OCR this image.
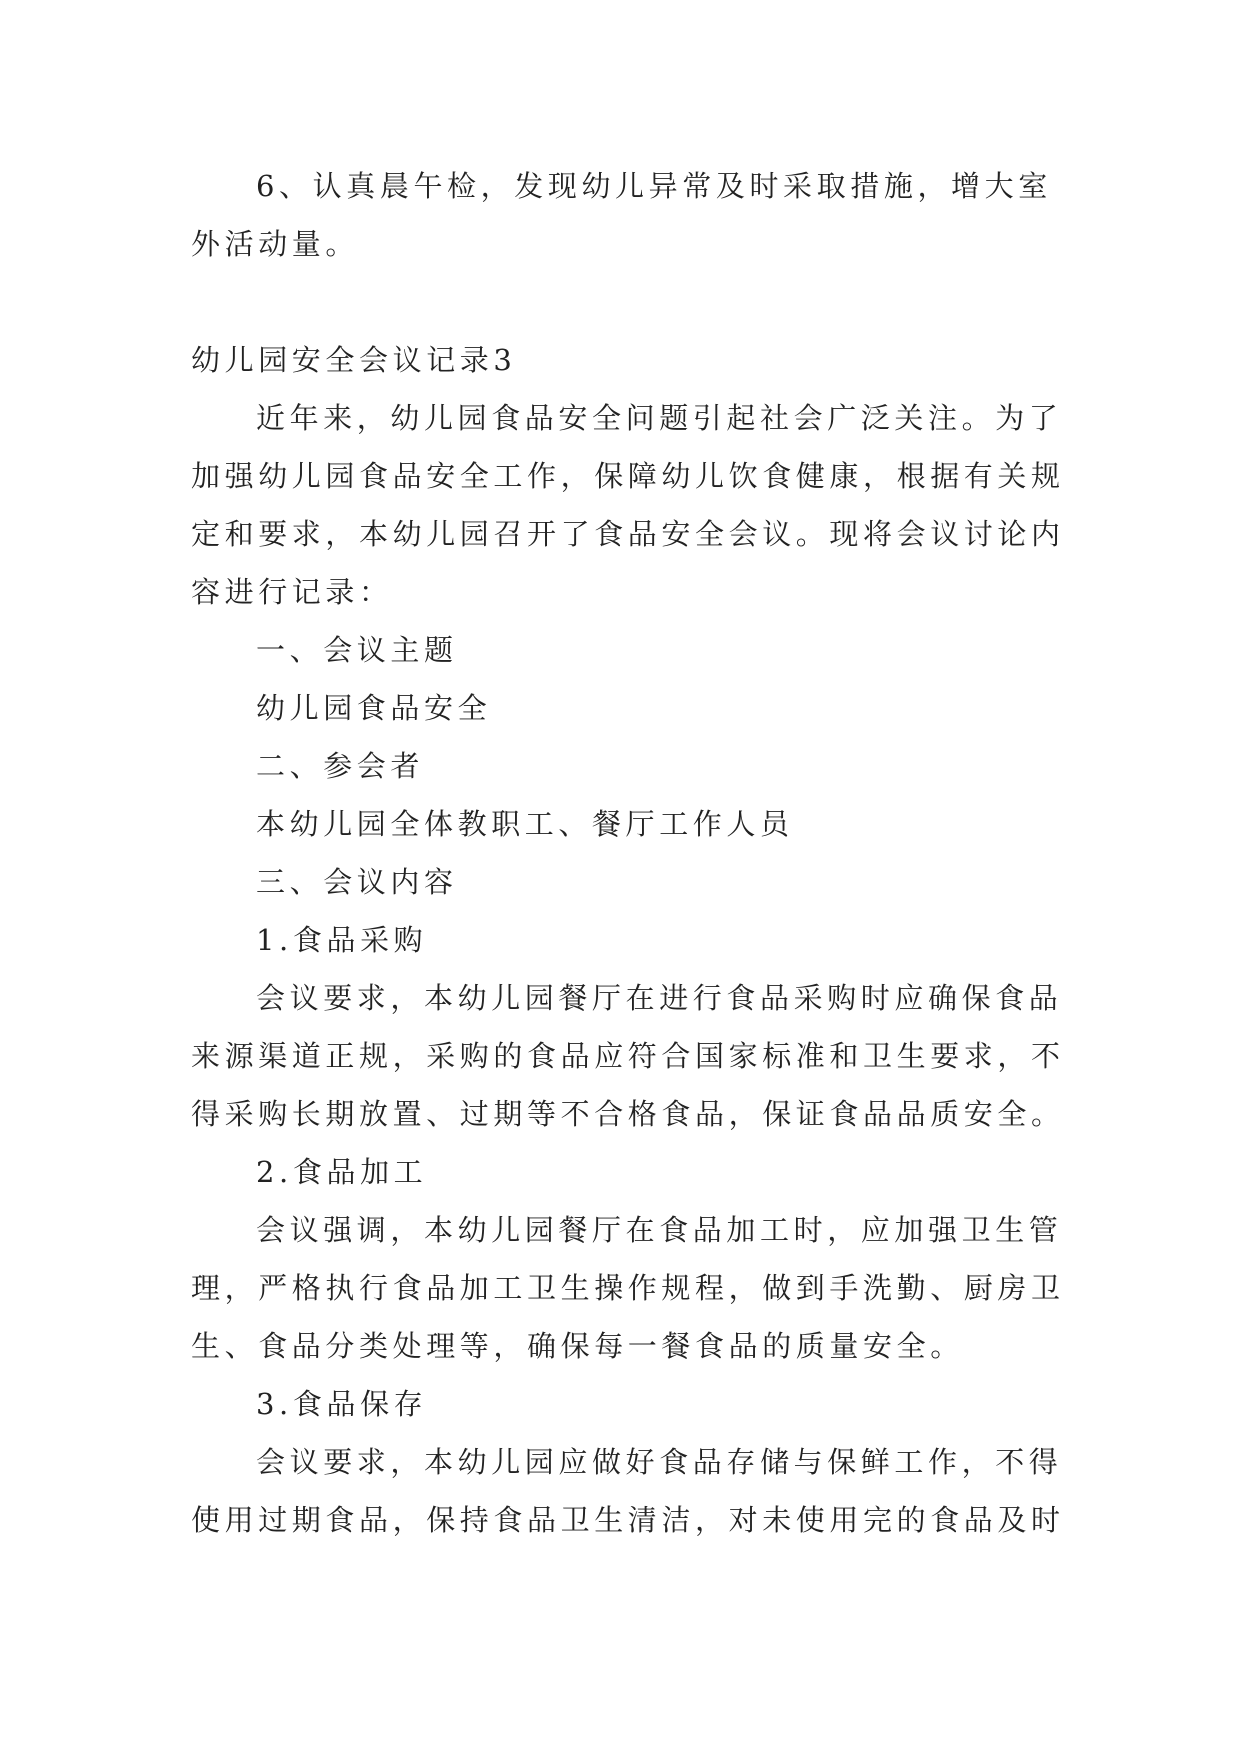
6、认真晨午检，发现幼儿异常及时采取措施，增大室
外活动量。
幼儿园安全会议记录3
近年来，幼儿园食品安全问题引起社会广泛关注。为了
加强幼儿园食品安全工作，保障幼儿饮食健康，根据有关规
定和要求，本幼儿园召开了食品安全会议。现将会议讨论内
容进行记录：
一、会议主题
幼儿园食品安全
二、参会者
本幼儿园全体教职工、餐厅工作人员
三、会议内容
1.食品采购
会议要求，本幼儿园餐厅在进行食品采购时应确保食品
来源渠道正规，采购的食品应符合国家标准和卫生要求，不
得采购长期放置、过期等不合格食品，保证食品品质安全。
2.食品加工
会议强调，本幼儿园餐厅在食品加工时，应加强卫生管
理，严格执行食品加工卫生操作规程，做到手洗勤、厨房卫
生、食品分类处理等，确保每一餐食品的质量安全。
3.食品保存
会议要求，本幼儿园应做好食品存储与保鲜工作，不得
使用过期食品，保持食品卫生清洁，对未使用完的食品及时
